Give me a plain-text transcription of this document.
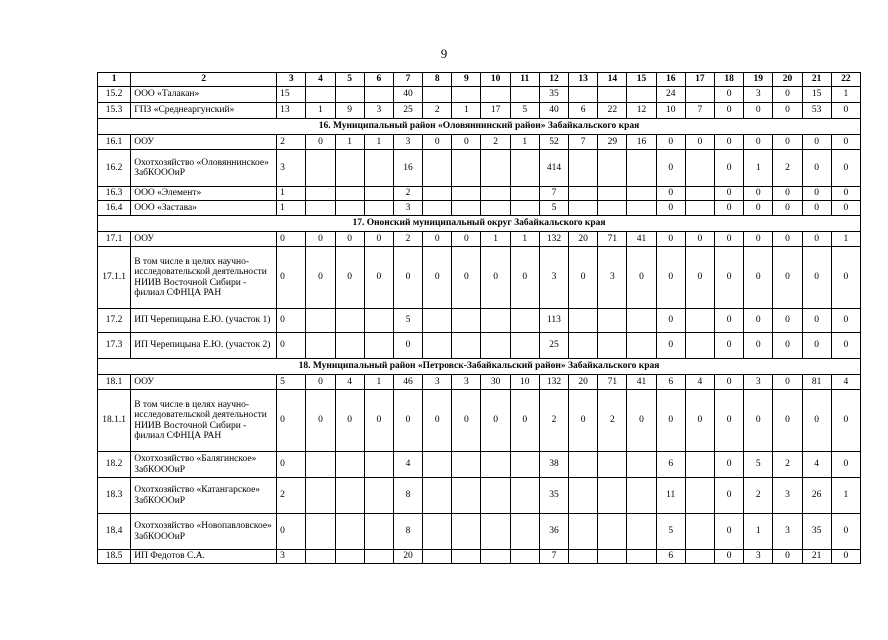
9
1	2	3	4	5	6	7	8	9	10	11	12	13	14	15	16	17	18	19	20	21	22
15.2	ООО «Талакан»	15				40					35				24		0	3	0	15	1
15.3	ГПЗ «Среднеаргунский»	13	1	9	3	25	2	1	17	5	40	6	22	12	10	7	0	0	0	53	0
16. Муниципальный район «Оловяннинский район» Забайкальского края																					
16.1	ООУ	2	0	1	1	3	0	0	2	1	52	7	29	16	0	0	0	0	0	0	0
16.2	Охотхозяйство «Оловяннинское» ЗабКОООиР	3				16					414				0		0	1	2	0	0
16.3	ООО «Элемент»	1				2					7				0		0	0	0	0	0
16.4	ООО «Застава»	1				3					5				0		0	0	0	0	0
17. Ононский муниципальный округ Забайкальского края																					
17.1	ООУ	0	0	0	0	2	0	0	1	1	132	20	71	41	0	0	0	0	0	0	1
17.1.1	В том числе в целях научно-исследовательской деятельности НИИВ Восточной Сибири - филиал СФНЦА РАН	0	0	0	0	0	0	0	0	0	3	0	3	0	0	0	0	0	0	0	0
17.2	ИП Черепицына Е.Ю. (участок 1)	0				5					113				0		0	0	0	0	0
17.3	ИП Черепицына Е.Ю. (участок 2)	0				0					25				0		0	0	0	0	0
18. Муниципальный район «Петровск-Забайкальский район» Забайкальского края																					
18.1	ООУ	5	0	4	1	46	3	3	30	10	132	20	71	41	6	4	0	3	0	81	4
18.1.1	В том числе в целях научно-исследовательской деятельности НИИВ Восточной Сибири - филиал СФНЦА РАН	0	0	0	0	0	0	0	0	0	2	0	2	0	0	0	0	0	0	0	0
18.2	Охотхозяйство «Балягинское» ЗабКОООиР	0				4					38				6		0	5	2	4	0
18.3	Охотхозяйство «Катангарское» ЗабКОООиР	2				8					35				11		0	2	3	26	1
18.4	Охотхозяйство «Новопавловское» ЗабКОООиР	0				8					36				5		0	1	3	35	0
18.5	ИП Федотов С.А.	3				20					7				6		0	3	0	21	0
